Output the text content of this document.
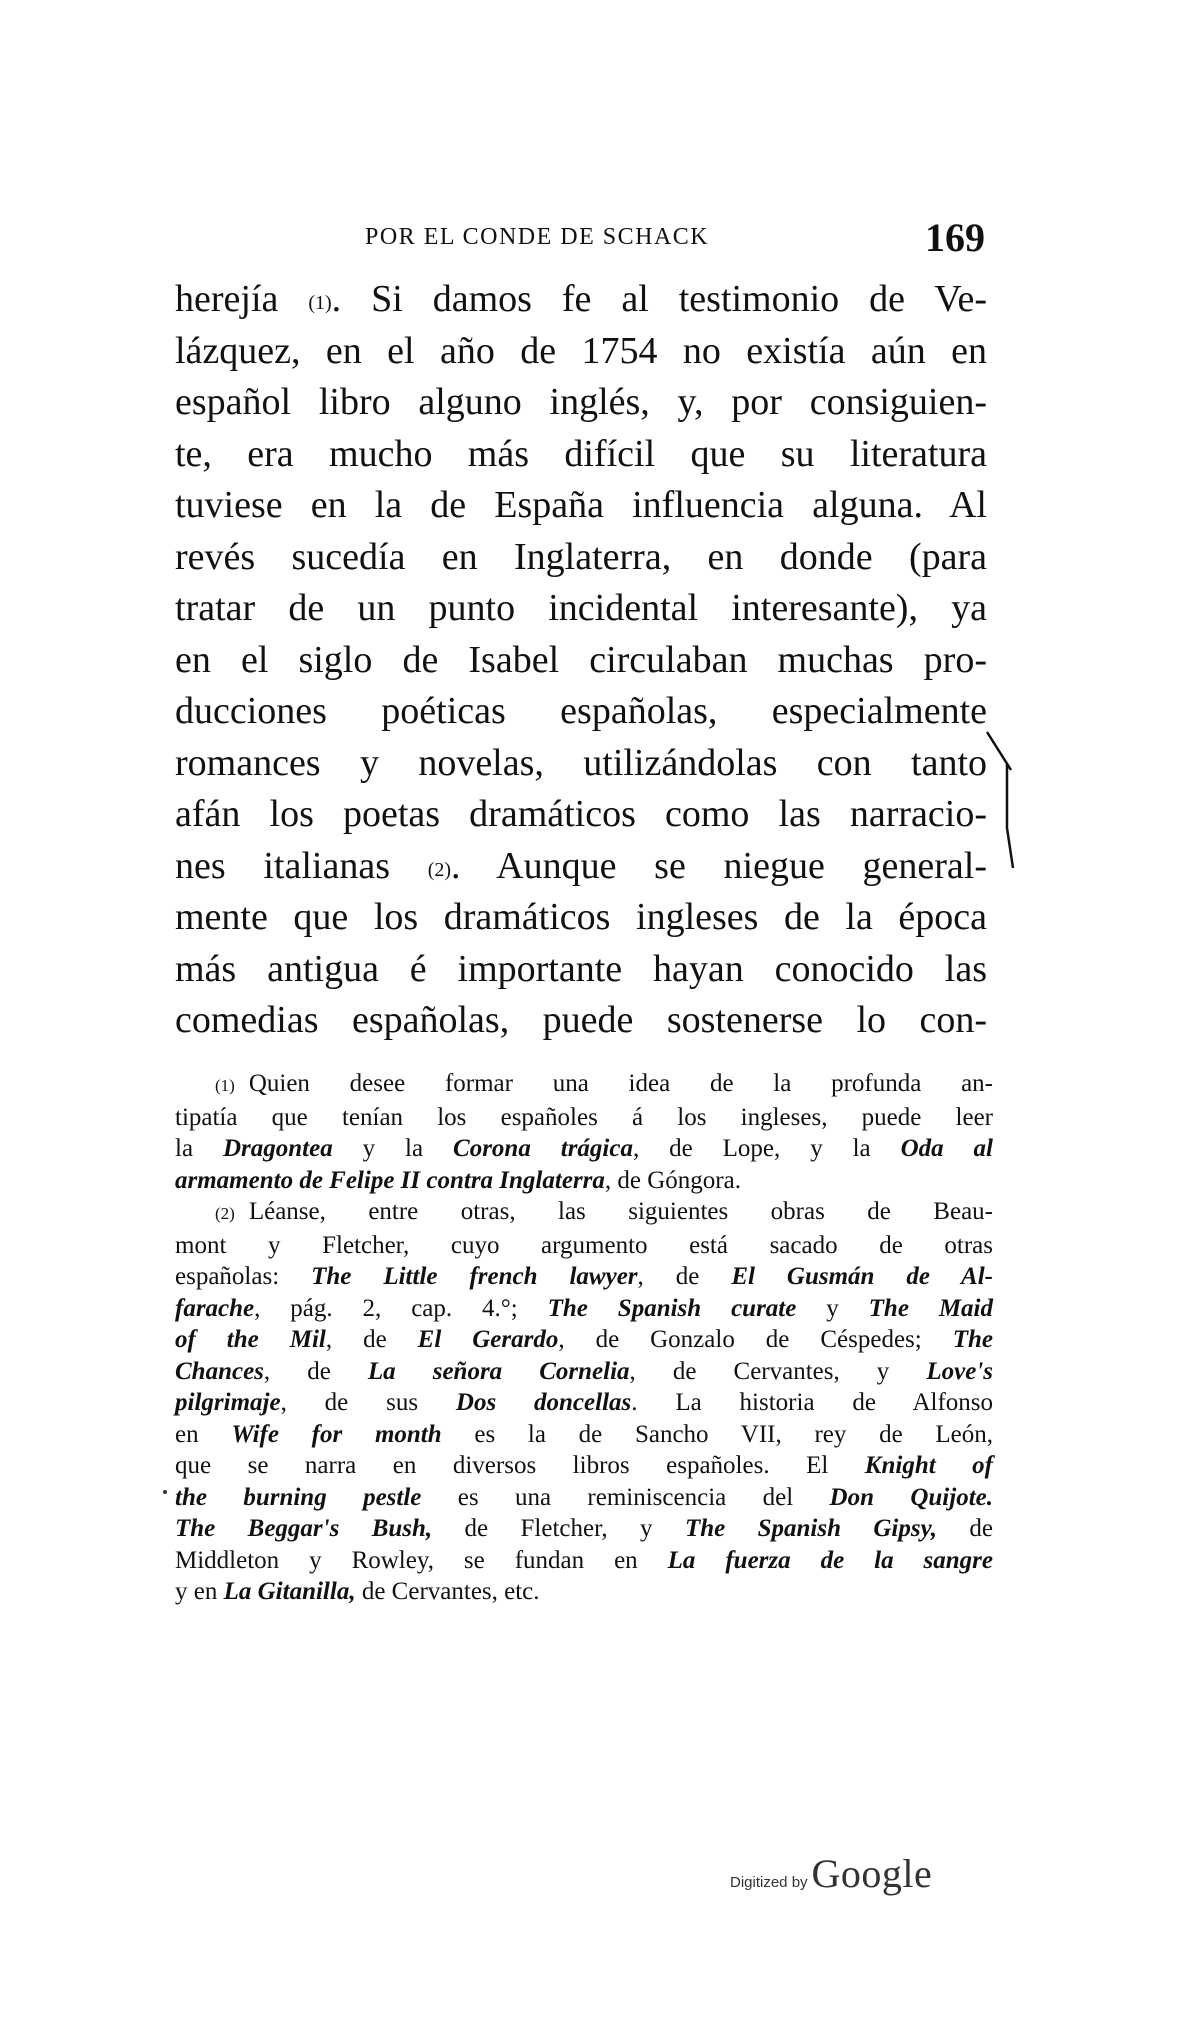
POR EL CONDE DE SCHACK	169
herejía $^{(1)}$. Si damos fe al testimonio de Ve-
lázquez, en el año de 1754 no existía aún en
español libro alguno inglés, y, por consiguien-
te, era mucho más difícil que su literatura
tuviese en la de España influencia alguna. Al
revés sucedía en Inglaterra, en donde (para
tratar de un punto incidental interesante), ya
en el siglo de Isabel circulaban muchas pro-
ducciones poéticas españolas, especialmente
romances y novelas, utilizándolas con tanto
afán los poetas dramáticos como las narracio-
nes italianas $^{(2)}$. Aunque se niegue general-
mente que los dramáticos ingleses de la época
más antigua é importante hayan conocido las
comedias españolas, puede sostenerse lo con-
(1) Quien desee formar una idea de la profunda an-
tipatía que tenían los españoles á los ingleses, puede leer
la Dragontea y la Corona trágica, de Lope, y la Oda al
armamento de Felipe II contra Inglaterra, de Góngora.
(2) Léanse, entre otras, las siguientes obras de Beau-
mont y Fletcher, cuyo argumento está sacado de otras
españolas: The Little french lawyer, de El Gusmán de Al-
farache, pág. 2, cap. 4.°; The Spanish curate y The Maid
of the Mil, de El Gerardo, de Gonzalo de Céspedes; The
Chances, de La señora Cornelia, de Cervantes, y Love's
pilgrimaje, de sus Dos doncellas. La historia de Alfonso
en Wife for month es la de Sancho VII, rey de León,
que se narra en diversos libros españoles. El Knight of
the burning pestle es una reminiscencia del Don Quijote.
The Beggar's Bush, de Fletcher, y The Spanish Gipsy, de
Middleton y Rowley, se fundan en La fuerza de la sangre
y en La Gitanilla, de Cervantes, etc.
Digitized by Google
